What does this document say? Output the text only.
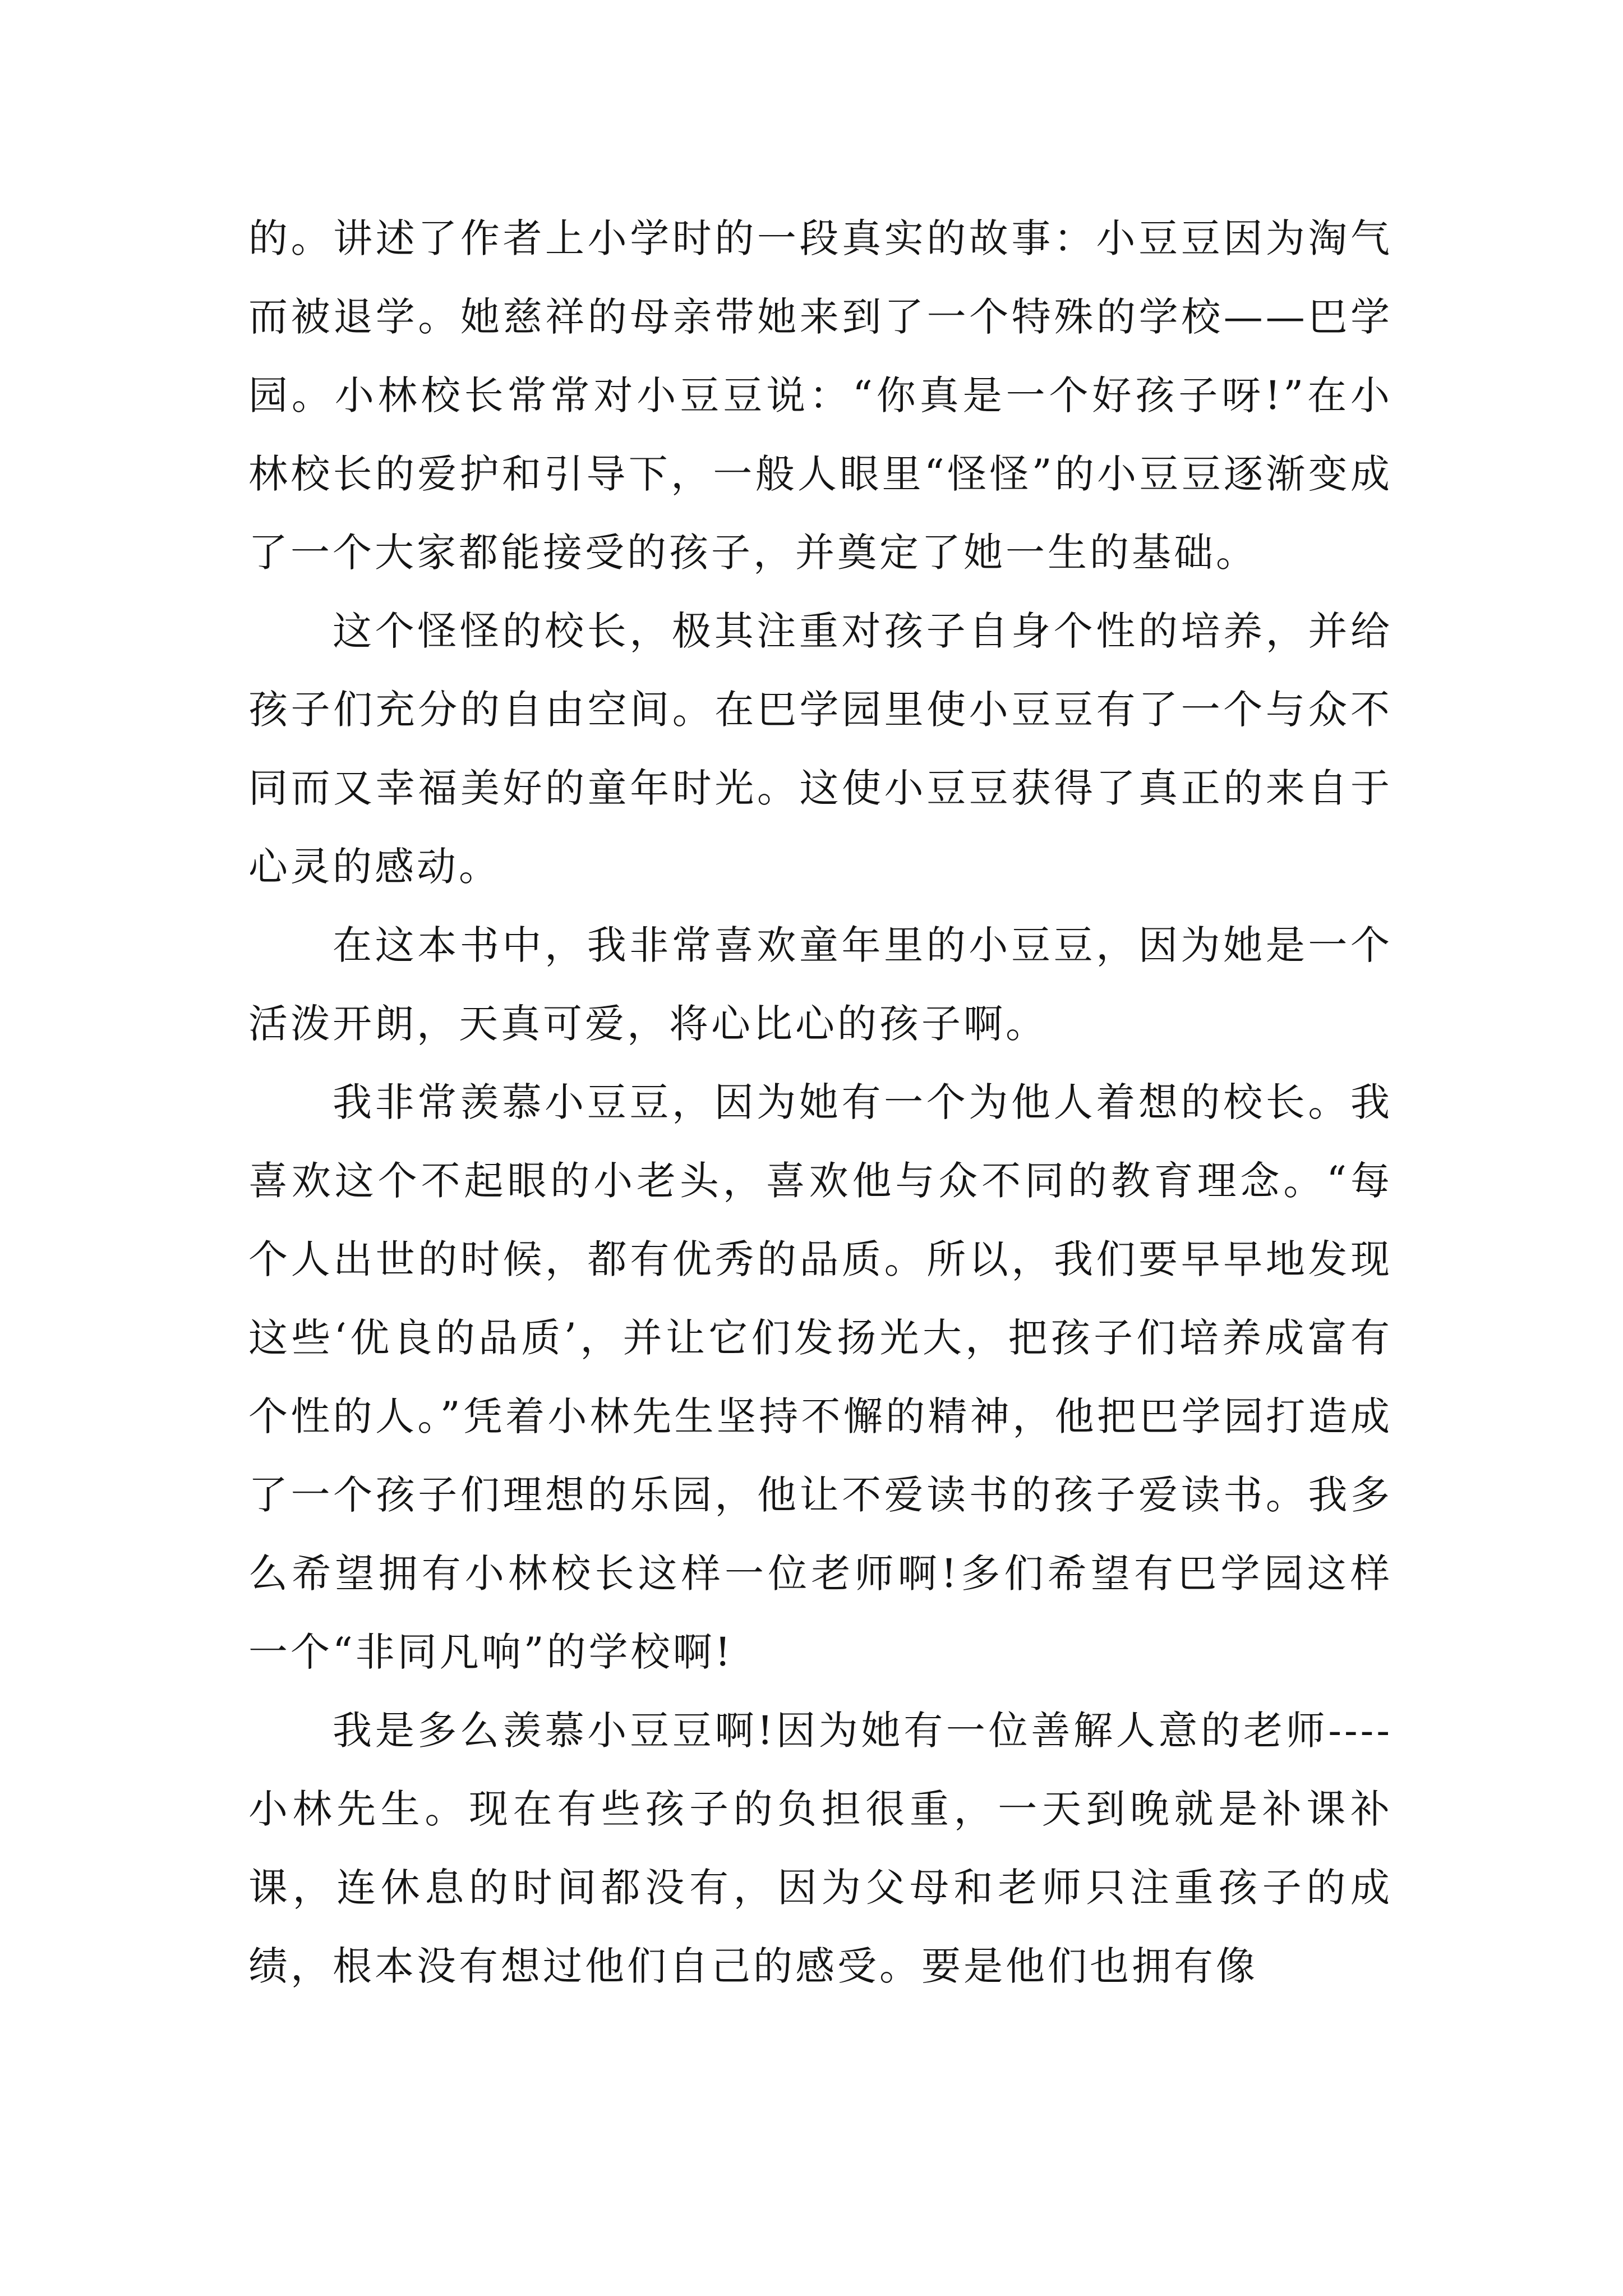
的。讲述了作者上小学时的一段真实的故事：小豆豆因为淘气而被退学。她慈祥的母亲带她来到了一个特殊的学校——巴学园。小林校长常常对小豆豆说：“你真是一个好孩子呀!”在小林校长的爱护和引导下，一般人眼里“怪怪”的小豆豆逐渐变成了一个大家都能接受的孩子，并奠定了她一生的基础。

这个怪怪的校长，极其注重对孩子自身个性的培养，并给孩子们充分的自由空间。在巴学园里使小豆豆有了一个与众不同而又幸福美好的童年时光。这使小豆豆获得了真正的来自于心灵的感动。

在这本书中，我非常喜欢童年里的小豆豆，因为她是一个活泼开朗，天真可爱，将心比心的孩子啊。

我非常羡慕小豆豆，因为她有一个为他人着想的校长。我喜欢这个不起眼的小老头，喜欢他与众不同的教育理念。“每个人出世的时候，都有优秀的品质。所以，我们要早早地发现这些‘优良的品质’，并让它们发扬光大，把孩子们培养成富有个性的人。”凭着小林先生坚持不懈的精神，他把巴学园打造成了一个孩子们理想的乐园，他让不爱读书的孩子爱读书。我多么希望拥有小林校长这样一位老师啊!多们希望有巴学园这样一个“非同凡响”的学校啊!

我是多么羡慕小豆豆啊!因为她有一位善解人意的老师----小林先生。现在有些孩子的负担很重，一天到晚就是补课补课，连休息的时间都没有，因为父母和老师只注重孩子的成绩，根本没有想过他们自己的感受。要是他们也拥有像
